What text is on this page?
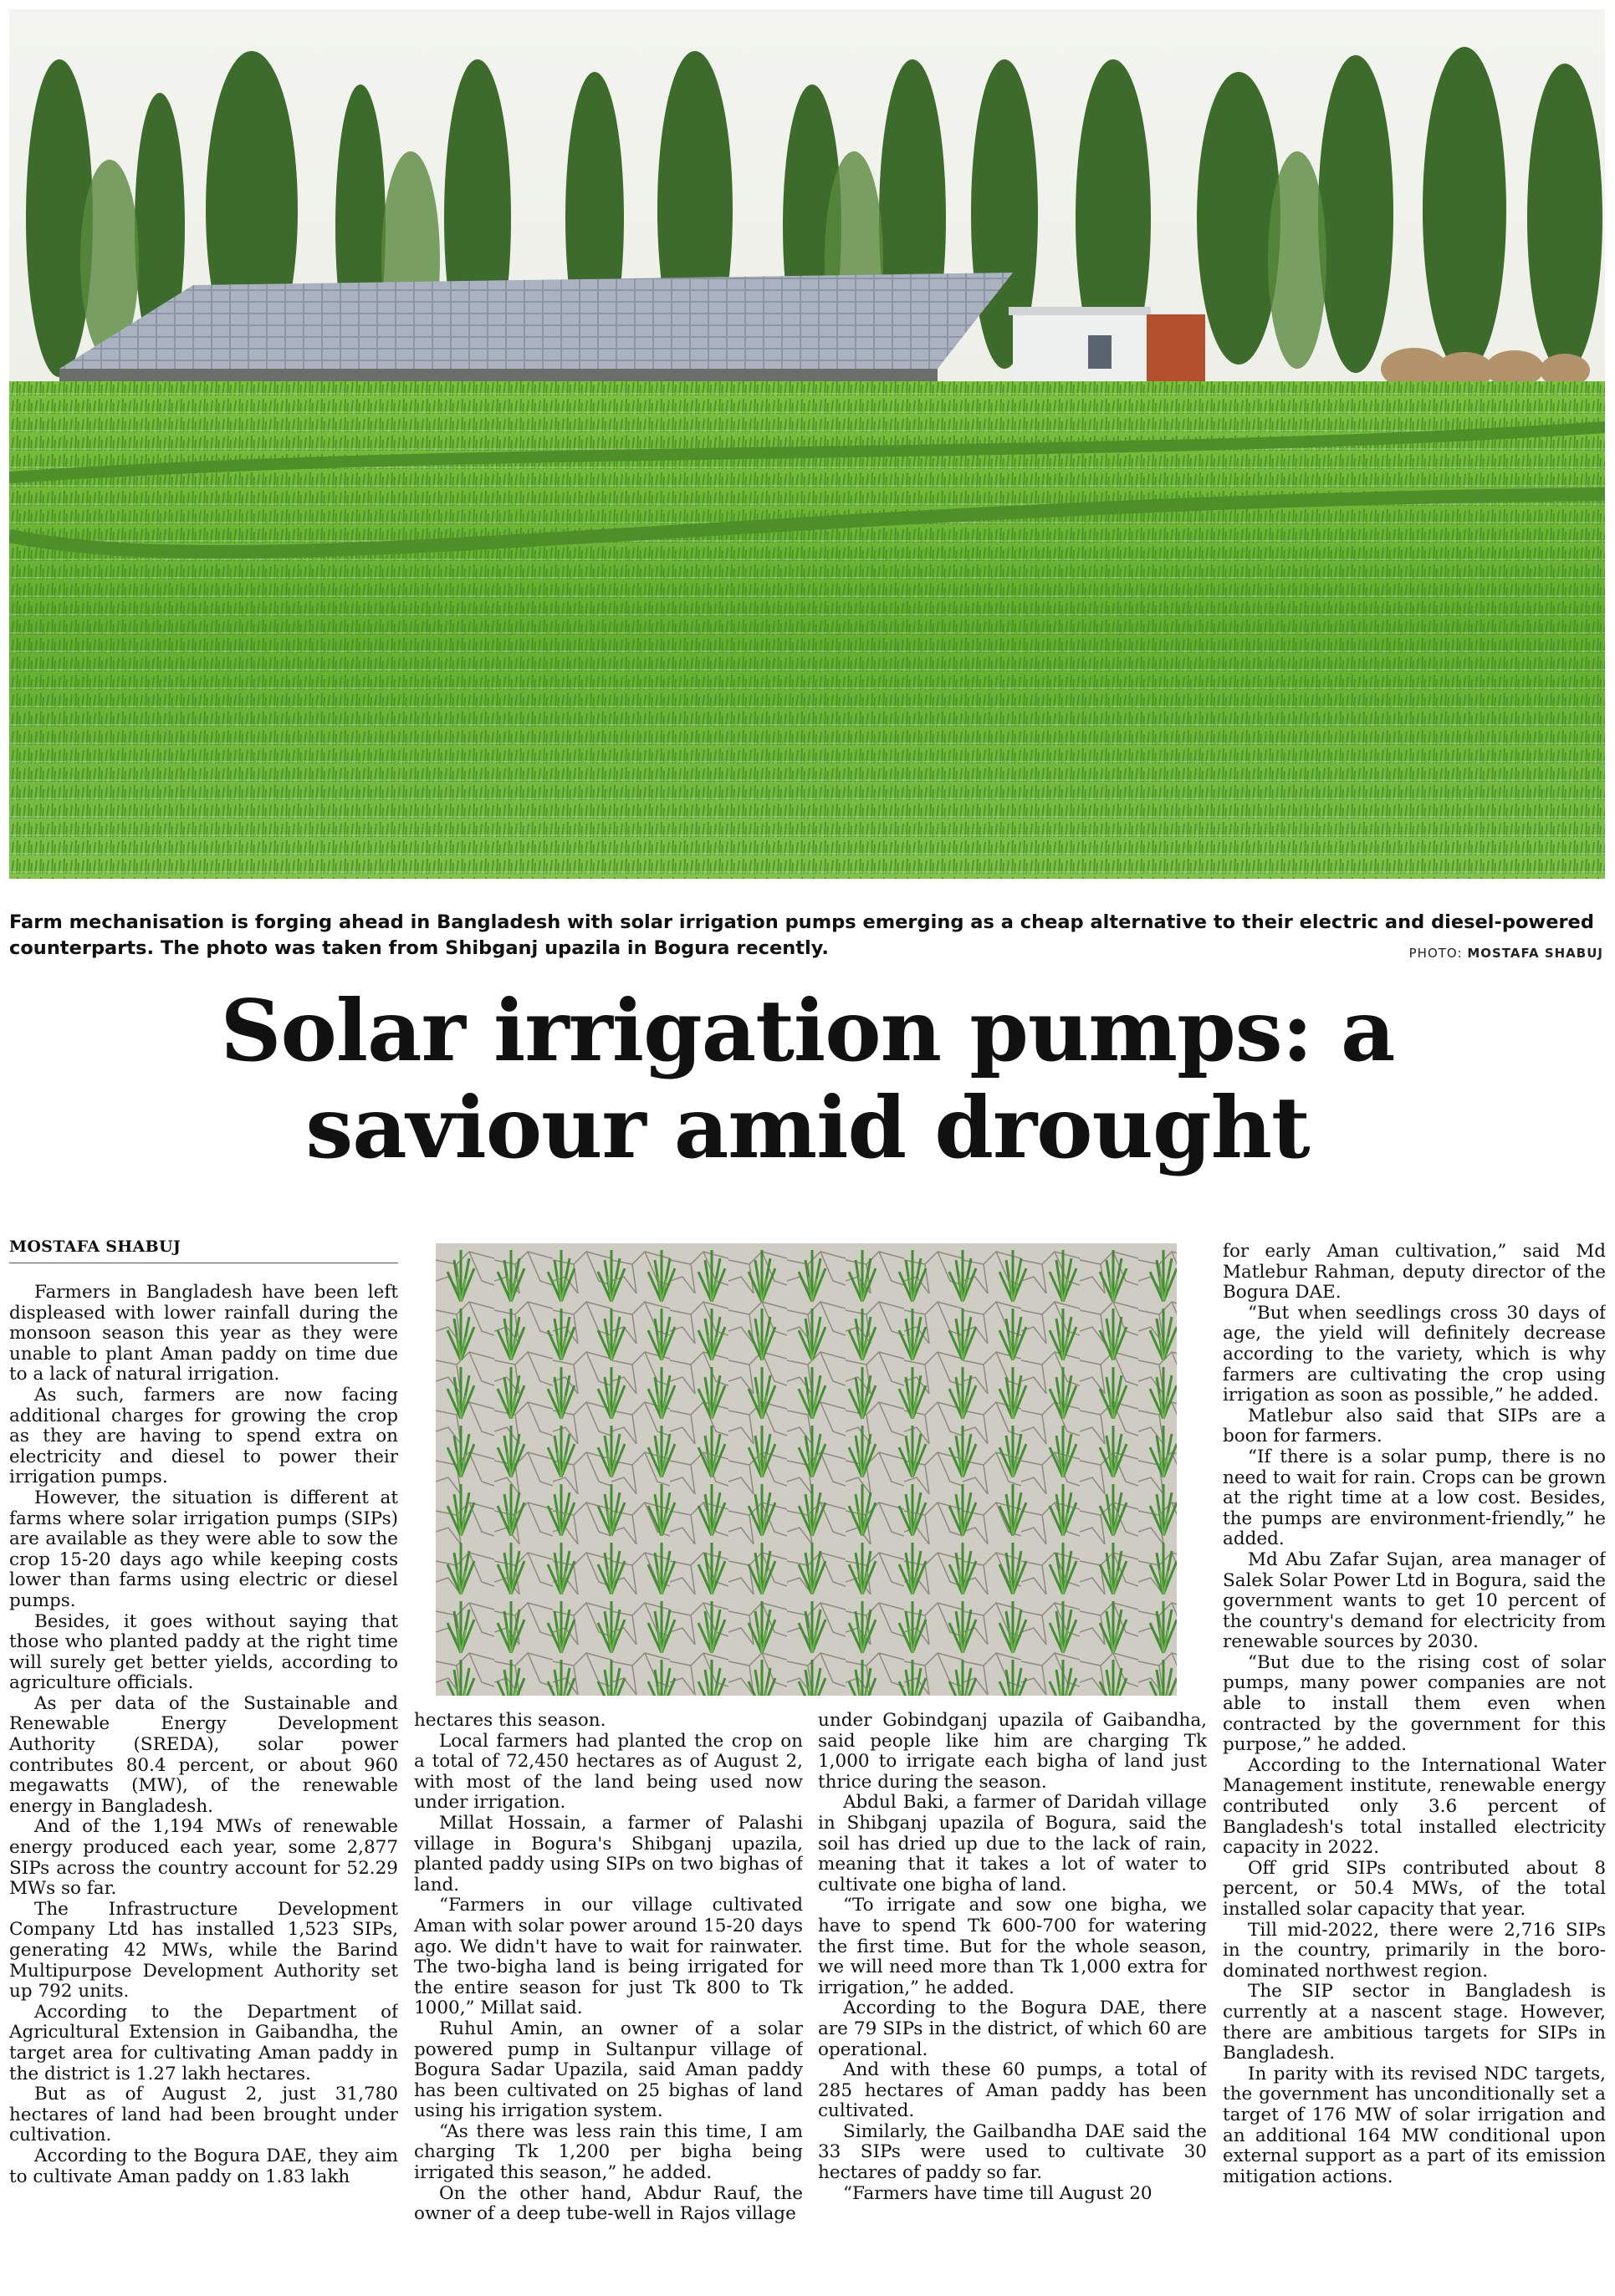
Farm mechanisation is forging ahead in Bangladesh with solar irrigation pumps emerging as a cheap alternative to their electric and diesel-powered counterparts. The photo was taken from Shibganj upazila in Bogura recently.	PHOTO: MOSTAFA SHABUJ
Solar irrigation pumps: a
saviour amid drought
MOSTAFA SHABUJ

Farmers in Bangladesh have been left displeased with lower rainfall during the monsoon season this year as they were unable to plant Aman paddy on time due to a lack of natural irrigation.

As such, farmers are now facing additional charges for growing the crop as they are having to spend extra on electricity and diesel to power their irrigation pumps.

However, the situation is different at farms where solar irrigation pumps (SIPs) are available as they were able to sow the crop 15-20 days ago while keeping costs lower than farms using electric or diesel pumps.

Besides, it goes without saying that those who planted paddy at the right time will surely get better yields, according to agriculture officials.

As per data of the Sustainable and Renewable Energy Development Authority (SREDA), solar power contributes 80.4 percent, or about 960 megawatts (MW), of the renewable energy in Bangladesh.

And of the 1,194 MWs of renewable energy produced each year, some 2,877 SIPs across the country account for 52.29 MWs so far.

The Infrastructure Development Company Ltd has installed 1,523 SIPs, generating 42 MWs, while the Barind Multipurpose Development Authority set up 792 units.

According to the Department of Agricultural Extension in Gaibandha, the target area for cultivating Aman paddy in the district is 1.27 lakh hectares.

But as of August 2, just 31,780 hectares of land had been brought under cultivation.

According to the Bogura DAE, they aim to cultivate Aman paddy on 1.83 lakh

hectares this season.

Local farmers had planted the crop on a total of 72,450 hectares as of August 2, with most of the land being used now under irrigation.

Millat Hossain, a farmer of Palashi village in Bogura's Shibganj upazila, planted paddy using SIPs on two bighas of land.

“Farmers in our village cultivated Aman with solar power around 15-20 days ago. We didn't have to wait for rainwater. The two-bigha land is being irrigated for the entire season for just Tk 800 to Tk 1000,” Millat said.

Ruhul Amin, an owner of a solar powered pump in Sultanpur village of Bogura Sadar Upazila, said Aman paddy has been cultivated on 25 bighas of land using his irrigation system.

“As there was less rain this time, I am charging Tk 1,200 per bigha being irrigated this season,” he added.

On the other hand, Abdur Rauf, the owner of a deep tube-well in Rajos village

under Gobindganj upazila of Gaibandha, said people like him are charging Tk 1,000 to irrigate each bigha of land just thrice during the season.

Abdul Baki, a farmer of Daridah village in Shibganj upazila of Bogura, said the soil has dried up due to the lack of rain, meaning that it takes a lot of water to cultivate one bigha of land.

“To irrigate and sow one bigha, we have to spend Tk 600-700 for watering the first time. But for the whole season, we will need more than Tk 1,000 extra for irrigation,” he added.

According to the Bogura DAE, there are 79 SIPs in the district, of which 60 are operational.

And with these 60 pumps, a total of 285 hectares of Aman paddy has been cultivated.

Similarly, the Gailbandha DAE said the 33 SIPs were used to cultivate 30 hectares of paddy so far.

“Farmers have time till August 20

for early Aman cultivation,” said Md Matlebur Rahman, deputy director of the Bogura DAE.

“But when seedlings cross 30 days of age, the yield will definitely decrease according to the variety, which is why farmers are cultivating the crop using irrigation as soon as possible,” he added.

Matlebur also said that SIPs are a boon for farmers.

“If there is a solar pump, there is no need to wait for rain. Crops can be grown at the right time at a low cost. Besides, the pumps are environment-friendly,” he added.

Md Abu Zafar Sujan, area manager of Salek Solar Power Ltd in Bogura, said the government wants to get 10 percent of the country's demand for electricity from renewable sources by 2030.

“But due to the rising cost of solar pumps, many power companies are not able to install them even when contracted by the government for this purpose,” he added.

According to the International Water Management institute, renewable energy contributed only 3.6 percent of Bangladesh's total installed electricity capacity in 2022.

Off grid SIPs contributed about 8 percent, or 50.4 MWs, of the total installed solar capacity that year.

Till mid-2022, there were 2,716 SIPs in the country, primarily in the boro-dominated northwest region.

The SIP sector in Bangladesh is currently at a nascent stage. However, there are ambitious targets for SIPs in Bangladesh.

In parity with its revised NDC targets, the government has unconditionally set a target of 176 MW of solar irrigation and an additional 164 MW conditional upon external support as a part of its emission mitigation actions.
